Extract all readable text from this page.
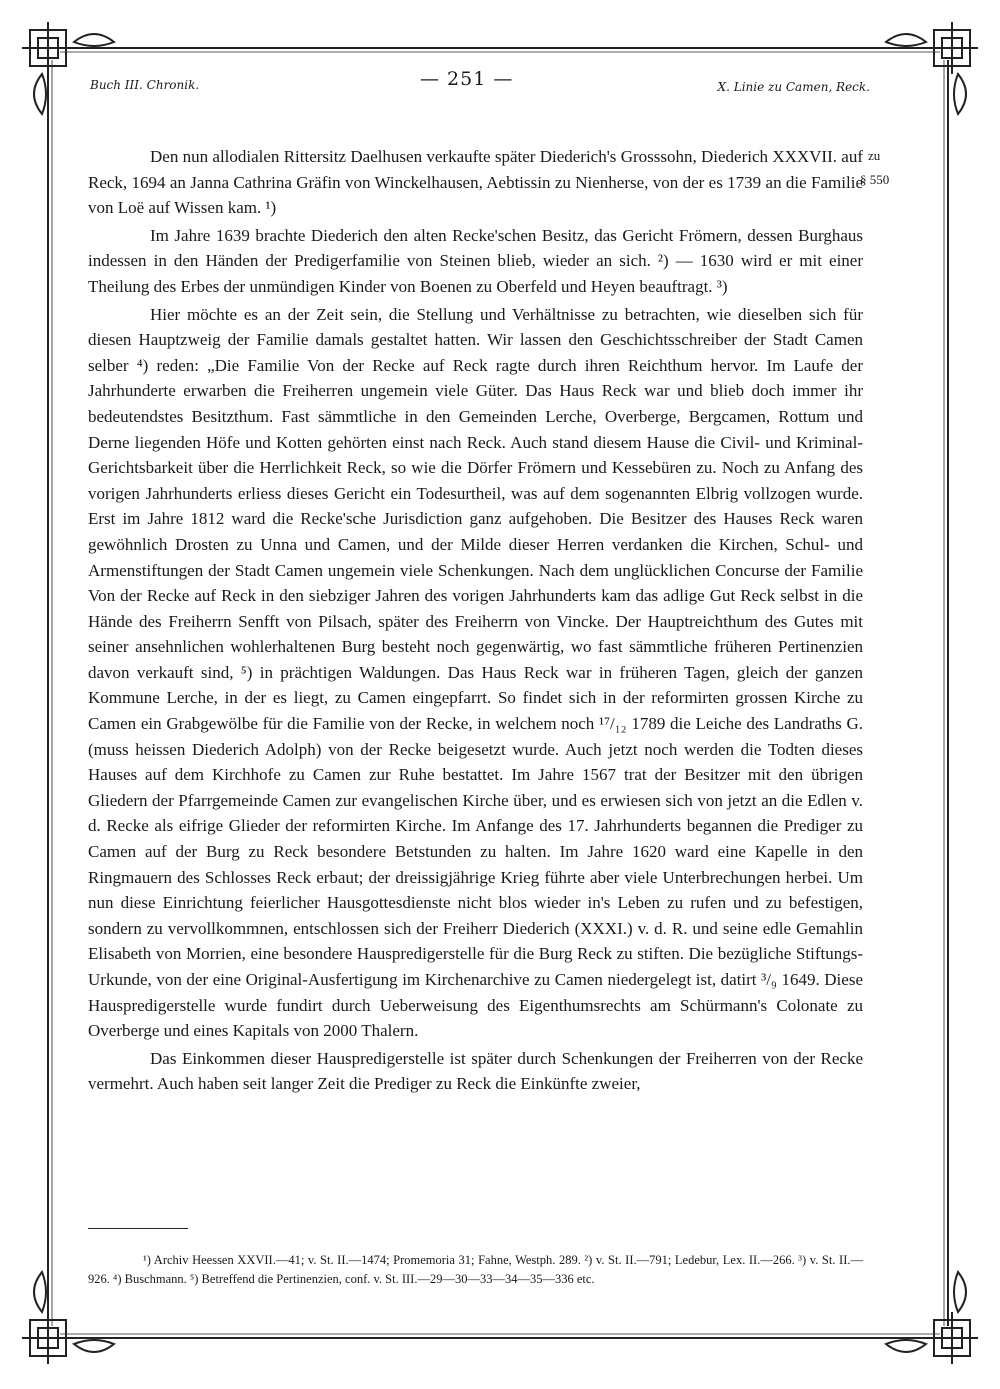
Buch III. Chronik.	— 251 —	X. Linie zu Camen, Reck.
zu
§ 550

Den nun allodialen Rittersitz Daelhusen verkaufte später Diederich's Grosssohn, Diederich XXXVII. auf Reck, 1694 an Janna Cathrina Gräfin von Winckelhausen, Aebtissin zu Nienherse, von der es 1739 an die Familie von Loë auf Wissen kam. ¹)

Im Jahre 1639 brachte Diederich den alten Recke'schen Besitz, das Gericht Frömern, dessen Burghaus indessen in den Händen der Predigerfamilie von Steinen blieb, wieder an sich. ²) — 1630 wird er mit einer Theilung des Erbes der unmündigen Kinder von Boenen zu Oberfeld und Heyen beauftragt. ³)

Hier möchte es an der Zeit sein, die Stellung und Verhältnisse zu betrachten, wie dieselben sich für diesen Hauptzweig der Familie damals gestaltet hatten. Wir lassen den Geschichtsschreiber der Stadt Camen selber ⁴) reden: „Die Familie Von der Recke auf Reck ragte durch ihren Reichthum hervor. Im Laufe der Jahrhunderte erwarben die Freiherren ungemein viele Güter. Das Haus Reck war und blieb doch immer ihr bedeutendstes Besitzthum. Fast sämmtliche in den Gemeinden Lerche, Overberge, Bergcamen, Rottum und Derne liegenden Höfe und Kotten gehörten einst nach Reck. Auch stand diesem Hause die Civil- und Kriminal-Gerichtsbarkeit über die Herrlichkeit Reck, so wie die Dörfer Frömern und Kessebüren zu. Noch zu Anfang des vorigen Jahrhunderts erliess dieses Gericht ein Todesurtheil, was auf dem sogenannten Elbrig vollzogen wurde. Erst im Jahre 1812 ward die Recke'sche Jurisdiction ganz aufgehoben. Die Besitzer des Hauses Reck waren gewöhnlich Drosten zu Unna und Camen, und der Milde dieser Herren verdanken die Kirchen, Schul- und Armenstiftungen der Stadt Camen ungemein viele Schenkungen. Nach dem unglücklichen Concurse der Familie Von der Recke auf Reck in den siebziger Jahren des vorigen Jahrhunderts kam das adlige Gut Reck selbst in die Hände des Freiherrn Senfft von Pilsach, später des Freiherrn von Vincke. Der Hauptreichthum des Gutes mit seiner ansehnlichen wohlerhaltenen Burg besteht noch gegenwärtig, wo fast sämmtliche früheren Pertinenzien davon verkauft sind, ⁵) in prächtigen Waldungen. Das Haus Reck war in früheren Tagen, gleich der ganzen Kommune Lerche, in der es liegt, zu Camen eingepfarrt. So findet sich in der reformirten grossen Kirche zu Camen ein Grabgewölbe für die Familie von der Recke, in welchem noch ¹⁷/₁₂ 1789 die Leiche des Landraths G. (muss heissen Diederich Adolph) von der Recke beigesetzt wurde. Auch jetzt noch werden die Todten dieses Hauses auf dem Kirchhofe zu Camen zur Ruhe bestattet. Im Jahre 1567 trat der Besitzer mit den übrigen Gliedern der Pfarrgemeinde Camen zur evangelischen Kirche über, und es erwiesen sich von jetzt an die Edlen v. d. Recke als eifrige Glieder der reformirten Kirche. Im Anfange des 17. Jahrhunderts begannen die Prediger zu Camen auf der Burg zu Reck besondere Betstunden zu halten. Im Jahre 1620 ward eine Kapelle in den Ringmauern des Schlosses Reck erbaut; der dreissigjährige Krieg führte aber viele Unterbrechungen herbei. Um nun diese Einrichtung feierlicher Hausgottesdienste nicht blos wieder in's Leben zu rufen und zu befestigen, sondern zu vervollkommnen, entschlossen sich der Freiherr Diederich (XXXI.) v. d. R. und seine edle Gemahlin Elisabeth von Morrien, eine besondere Hauspredigerstelle für die Burg Reck zu stiften. Die bezügliche Stiftungs-Urkunde, von der eine Original-Ausfertigung im Kirchenarchive zu Camen niedergelegt ist, datirt ³/₉ 1649. Diese Hauspredigerstelle wurde fundirt durch Ueberweisung des Eigenthumsrechts am Schürmann's Colonate zu Overberge und eines Kapitals von 2000 Thalern.

Das Einkommen dieser Hauspredigerstelle ist später durch Schenkungen der Freiherren von der Recke vermehrt. Auch haben seit langer Zeit die Prediger zu Reck die Einkünfte zweier,

¹) Archiv Heessen XXVII.—41; v. St. II.—1474; Promemoria 31; Fahne, Westph. 289. ²) v. St. II.—791; Ledebur, Lex. II.—266. ³) v. St. II.—926. ⁴) Buschmann. ⁵) Betreffend die Pertinenzien, conf. v. St. III.—29—30—33—34—35—336 etc.
